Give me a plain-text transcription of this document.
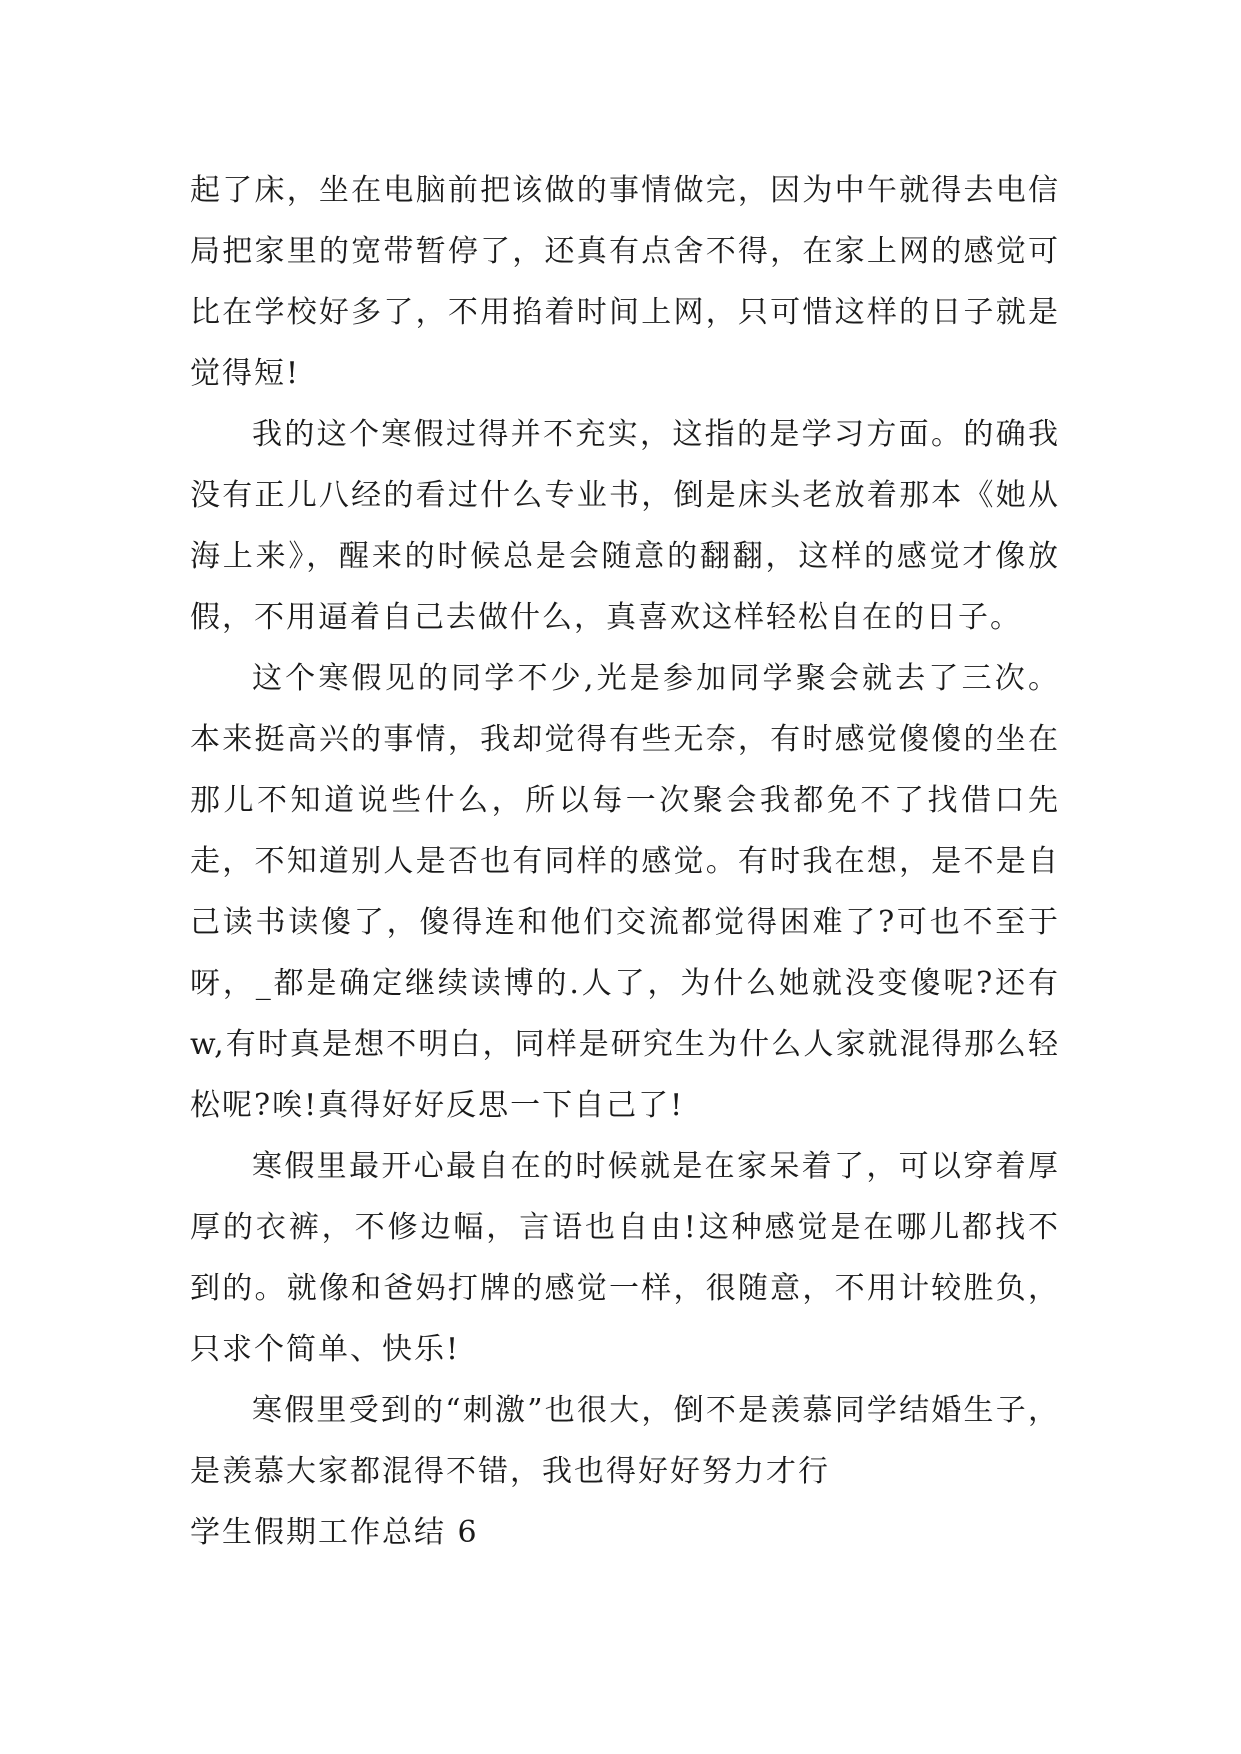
起了床，坐在电脑前把该做的事情做完，因为中午就得去电信局把家里的宽带暂停了，还真有点舍不得，在家上网的感觉可比在学校好多了，不用掐着时间上网，只可惜这样的日子就是觉得短!

我的这个寒假过得并不充实，这指的是学习方面。的确我没有正儿八经的看过什么专业书，倒是床头老放着那本《她从海上来》，醒来的时候总是会随意的翻翻，这样的感觉才像放假，不用逼着自己去做什么，真喜欢这样轻松自在的日子。

这个寒假见的同学不少,光是参加同学聚会就去了三次。本来挺高兴的事情，我却觉得有些无奈，有时感觉傻傻的坐在那儿不知道说些什么，所以每一次聚会我都免不了找借口先走，不知道别人是否也有同样的感觉。有时我在想，是不是自己读书读傻了，傻得连和他们交流都觉得困难了?可也不至于呀，_都是确定继续读博的.人了，为什么她就没变傻呢?还有w,有时真是想不明白，同样是研究生为什么人家就混得那么轻松呢?唉!真得好好反思一下自己了!

寒假里最开心最自在的时候就是在家呆着了，可以穿着厚厚的衣裤，不修边幅，言语也自由!这种感觉是在哪儿都找不到的。就像和爸妈打牌的感觉一样，很随意，不用计较胜负，只求个简单、快乐!

寒假里受到的“刺激”也很大，倒不是羡慕同学结婚生子，是羡慕大家都混得不错，我也得好好努力才行

学生假期工作总结 6
